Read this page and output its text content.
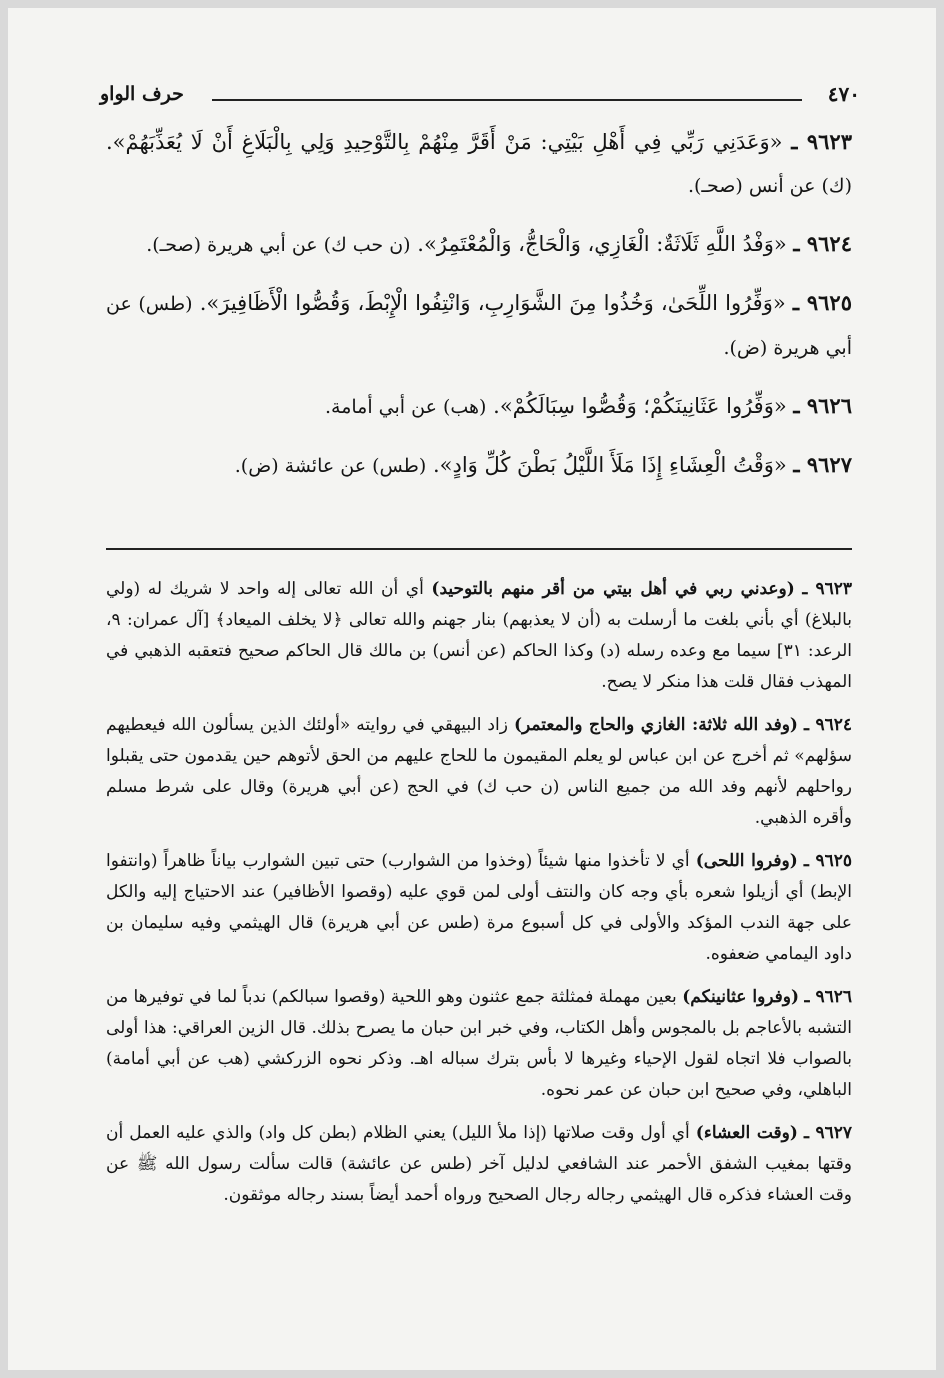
٤٧٠
حرف الواو

٩٦٢٣ ـ «وَعَدَنِي رَبِّي فِي أَهْلِ بَيْتِي: مَنْ أَقَرَّ مِنْهُمْ بِالتَّوْحِيدِ وَلِي بِالْبَلَاغِ أَنْ لَا يُعَذِّبَهُمْ». (ك) عن أنس (صحـ).

٩٦٢٤ ـ «وَفْدُ اللَّهِ ثَلَاثَةٌ: الْغَازِي، وَالْحَاجُّ، وَالْمُعْتَمِرُ». (ن حب ك) عن أبي هريرة (صحـ).

٩٦٢٥ ـ «وَفِّرُوا اللِّحَىٰ، وَخُذُوا مِنَ الشَّوَارِبِ، وَانْتِفُوا الْإِبْطَ، وَقُصُّوا الْأَظَافِيرَ». (طس) عن أبي هريرة (ض).

٩٦٢٦ ـ «وَفِّرُوا عَثَانِينَكُمْ؛ وَقُصُّوا سِبَالَكُمْ». (هب) عن أبي أمامة.

٩٦٢٧ ـ «وَقْتُ الْعِشَاءِ إِذَا مَلَأَ اللَّيْلُ بَطْنَ كُلِّ وَادٍ». (طس) عن عائشة (ض).

٩٦٢٣ ـ (وعدني ربي في أهل بيتي من أقر منهم بالتوحيد) أي أن الله تعالى إله واحد لا شريك له (ولي بالبلاغ) أي بأني بلغت ما أرسلت به (أن لا يعذبهم) بنار جهنم والله تعالى ﴿لا يخلف الميعاد﴾ [آل عمران: ٩، الرعد: ٣١] سيما مع وعده رسله (د) وكذا الحاكم (عن أنس) بن مالك قال الحاكم صحيح فتعقبه الذهبي في المهذب فقال قلت هذا منكر لا يصح.

٩٦٢٤ ـ (وفد الله ثلاثة: الغازي والحاج والمعتمر) زاد البيهقي في روايته «أولئك الذين يسألون الله فيعطيهم سؤلهم» ثم أخرج عن ابن عباس لو يعلم المقيمون ما للحاج عليهم من الحق لأتوهم حين يقدمون حتى يقبلوا رواحلهم لأنهم وفد الله من جميع الناس (ن حب ك) في الحج (عن أبي هريرة) وقال على شرط مسلم وأقره الذهبي.

٩٦٢٥ ـ (وفروا اللحى) أي لا تأخذوا منها شيئاً (وخذوا من الشوارب) حتى تبين الشوارب بياناً ظاهراً (وانتفوا الإبط) أي أزيلوا شعره بأي وجه كان والنتف أولى لمن قوي عليه (وقصوا الأظافير) عند الاحتياج إليه والكل على جهة الندب المؤكد والأولى في كل أسبوع مرة (طس عن أبي هريرة) قال الهيثمي وفيه سليمان بن داود اليمامي ضعفوه.

٩٦٢٦ ـ (وفروا عثانينكم) بعين مهملة فمثلثة جمع عثنون وهو اللحية (وقصوا سبالكم) ندباً لما في توفيرها من التشبه بالأعاجم بل بالمجوس وأهل الكتاب، وفي خبر ابن حبان ما يصرح بذلك. قال الزين العراقي: هذا أولى بالصواب فلا اتجاه لقول الإحياء وغيرها لا بأس بترك سباله اهـ. وذكر نحوه الزركشي (هب عن أبي أمامة) الباهلي، وفي صحيح ابن حبان عن عمر نحوه.

٩٦٢٧ ـ (وقت العشاء) أي أول وقت صلاتها (إذا ملأ الليل) يعني الظلام (بطن كل واد) والذي عليه العمل أن وقتها بمغيب الشفق الأحمر عند الشافعي لدليل آخر (طس عن عائشة) قالت سألت رسول الله ﷺ عن وقت العشاء فذكره قال الهيثمي رجاله رجال الصحيح ورواه أحمد أيضاً بسند رجاله موثقون.
